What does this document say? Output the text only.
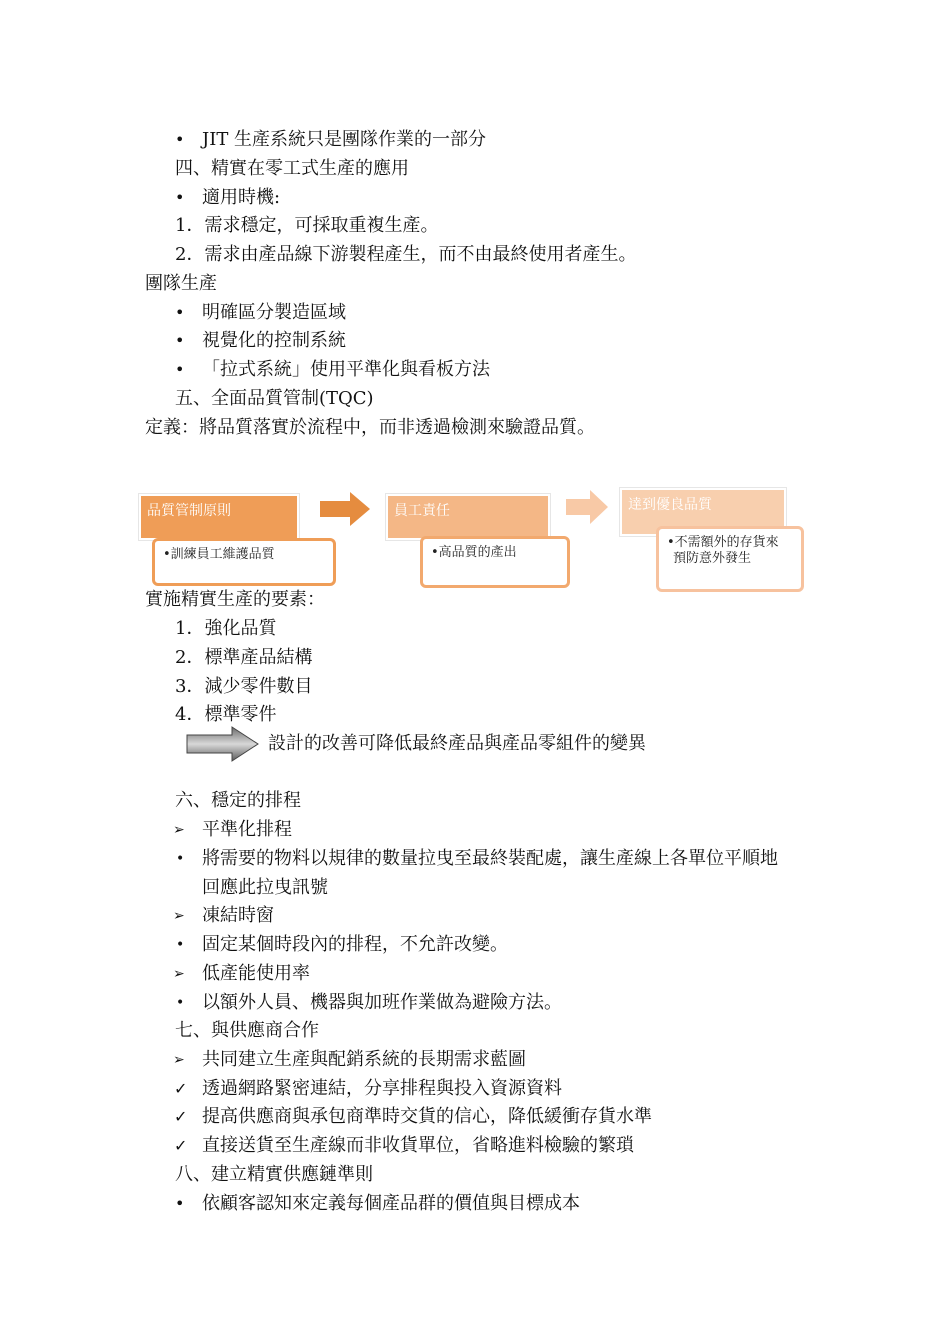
• JIT 生產系統只是團隊作業的一部分
四、精實在零工式生產的應用
• 適用時機:
1．需求穩定，可採取重複生產。
2．需求由產品線下游製程產生，而不由最終使用者產生。
團隊生產
• 明確區分製造區域
• 視覺化的控制系統
• 「拉式系統」使用平準化與看板方法
五、全面品質管制(TQC)
定義：將品質落實於流程中，而非透過檢測來驗證品質。
品質管制原則
•訓練員工維護品質
員工責任
•高品質的產出
達到優良品質
•不需額外的存貨來
預防意外發生
實施精實生產的要素：
1．強化品質
2．標準產品結構
3．減少零件數目
4．標準零件
設計的改善可降低最終產品與產品零組件的變異
六、穩定的排程
➢ 平準化排程
• 將需要的物料以規律的數量拉曳至最終裝配處，讓生產線上各單位平順地
回應此拉曳訊號
➢ 凍結時窗
• 固定某個時段內的排程，不允許改變。
➢ 低產能使用率
• 以額外人員、機器與加班作業做為避險方法。
七、與供應商合作
➢ 共同建立生產與配銷系統的長期需求藍圖
✓ 透過網路緊密連結，分享排程與投入資源資料
✓ 提高供應商與承包商準時交貨的信心，降低緩衝存貨水準
✓ 直接送貨至生產線而非收貨單位，省略進料檢驗的繁瑣
八、建立精實供應鏈準則
• 依顧客認知來定義每個產品群的價值與目標成本
